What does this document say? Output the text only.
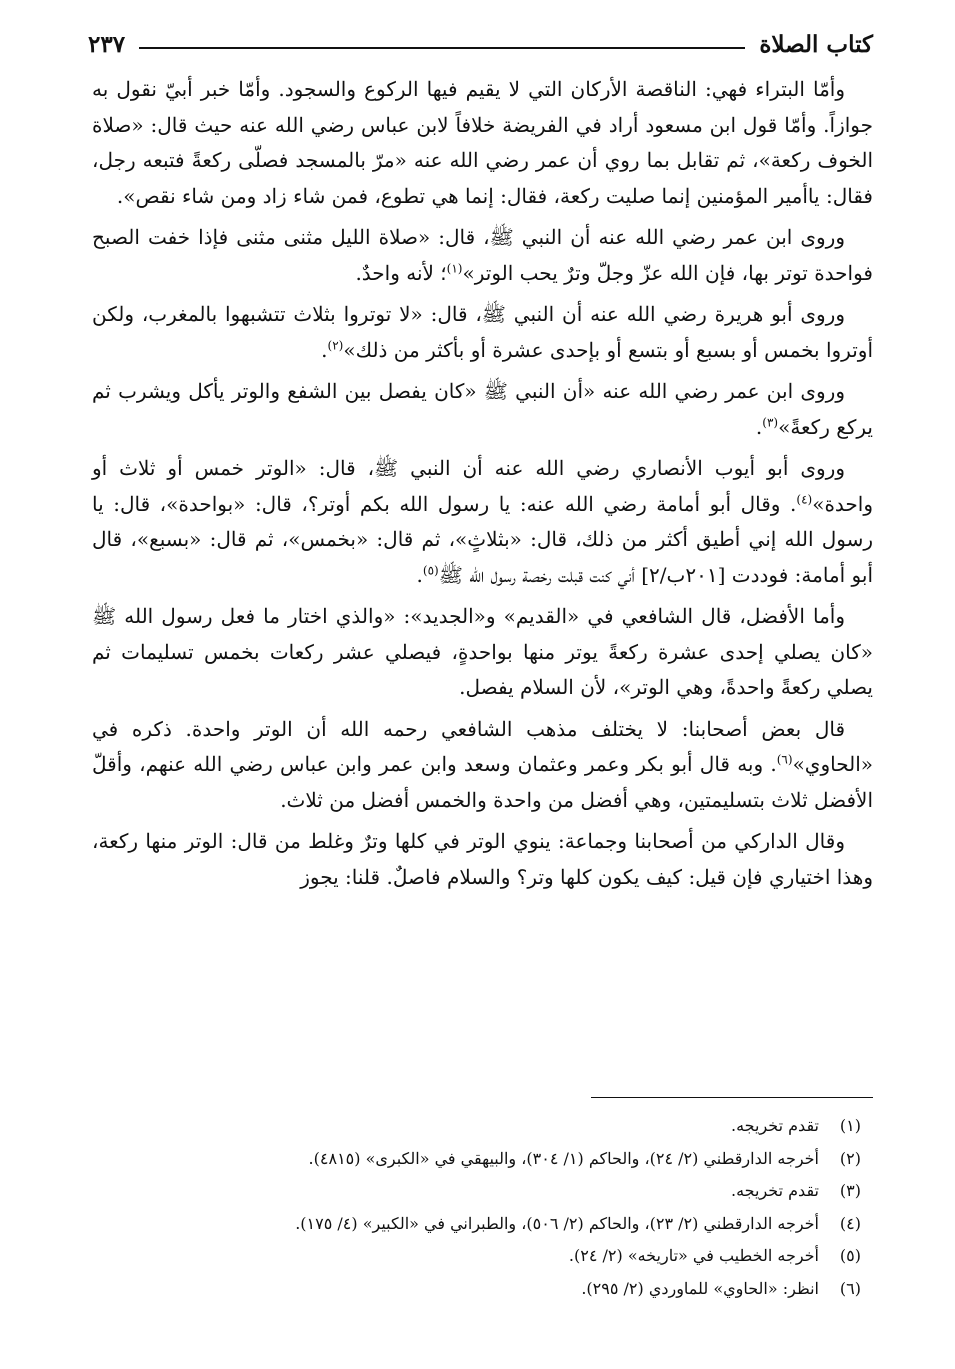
كتاب الصلاة
٢٣٧

وأمّا البتراء فهي: الناقصة الأركان التي لا يقيم فيها الركوع والسجود. وأمّا خبر أبيّ نقول به جوازاً. وأمّا قول ابن مسعود أراد في الفريضة خلافاً لابن عباس رضي الله عنه حيث قال: «صلاة الخوف ركعة»، ثم تقابل بما روي أن عمر رضي الله عنه «مرّ بالمسجد فصلّى ركعةً فتبعه رجل، فقال: ياأمير المؤمنين إنما صليت ركعة، فقال: إنما هي تطوع، فمن شاء زاد ومن شاء نقص».

وروى ابن عمر رضي الله عنه أن النبي ﷺ، قال: «صلاة الليل مثنى مثنى فإذا خفت الصبح فواحدة توتر بها، فإن الله عزّ وجلّ وترٌ يحب الوتر»$^{(١)}$؛ لأنه واحدٌ.

وروى أبو هريرة رضي الله عنه أن النبي ﷺ، قال: «لا توتروا بثلاث تتشبهوا بالمغرب، ولكن أوتروا بخمس أو بسبع أو بتسع أو بإحدى عشرة أو بأكثر من ذلك»$^{(٢)}$.

وروى ابن عمر رضي الله عنه «أن النبي ﷺ «كان يفصل بين الشفع والوتر يأكل ويشرب ثم يركع ركعةً»$^{(٣)}$.

وروى أبو أيوب الأنصاري رضي الله عنه أن النبي ﷺ، قال: «الوتر خمس أو ثلاث أو واحدة»$^{(٤)}$. وقال أبو أمامة رضي الله عنه: يا رسول الله بكم أوتر؟، قال: «بواحدة»، قال: يا رسول الله إني أطيق أكثر من ذلك، قال: «بثلاثٍ»، ثم قال: «بخمس»، ثم قال: «بسبع»، قال أبو أمامة: فوددت [٢٠١ب/٢] أني كنت قبلت رخصة رسول الله ﷺ$^{(٥)}$.

وأما الأفضل، قال الشافعي في «القديم» و«الجديد»: «والذي اختار ما فعل رسول الله ﷺ «كان يصلي إحدى عشرة ركعةً يوتر منها بواحدةٍ، فيصلي عشر ركعات بخمس تسليمات ثم يصلي ركعةً واحدةً، وهي الوتر»، لأن السلام يفصل.

قال بعض أصحابنا: لا يختلف مذهب الشافعي رحمه الله أن الوتر واحدة. ذكره في «الحاوي»$^{(٦)}$. وبه قال أبو بكر وعمر وعثمان وسعد وابن عمر وابن عباس رضي الله عنهم، وأقلّ الأفضل ثلاث بتسليمتين، وهي أفضل من واحدة والخمس أفضل من ثلاث.

وقال الداركي من أصحابنا وجماعة: ينوي الوتر في كلها وترٌ وغلط من قال: الوتر منها ركعة، وهذا اختياري فإن قيل: كيف يكون كلها وتر؟ والسلام فاصلٌ. قلنا: يجوز

(١)تقدم تخريجه.
(٢)أخرجه الدارقطني (٢/ ٢٤)، والحاكم (١/ ٣٠٤)، والبيهقي في «الكبرى» (٤٨١٥).
(٣)تقدم تخريجه.
(٤)أخرجه الدارقطني (٢/ ٢٣)، والحاكم (٢/ ٥٠٦)، والطبراني في «الكبير» (٤/ ١٧٥).
(٥)أخرجه الخطيب في «تاريخه» (٢/ ٢٤).
(٦)انظر: «الحاوي» للماوردي (٢/ ٢٩٥).
